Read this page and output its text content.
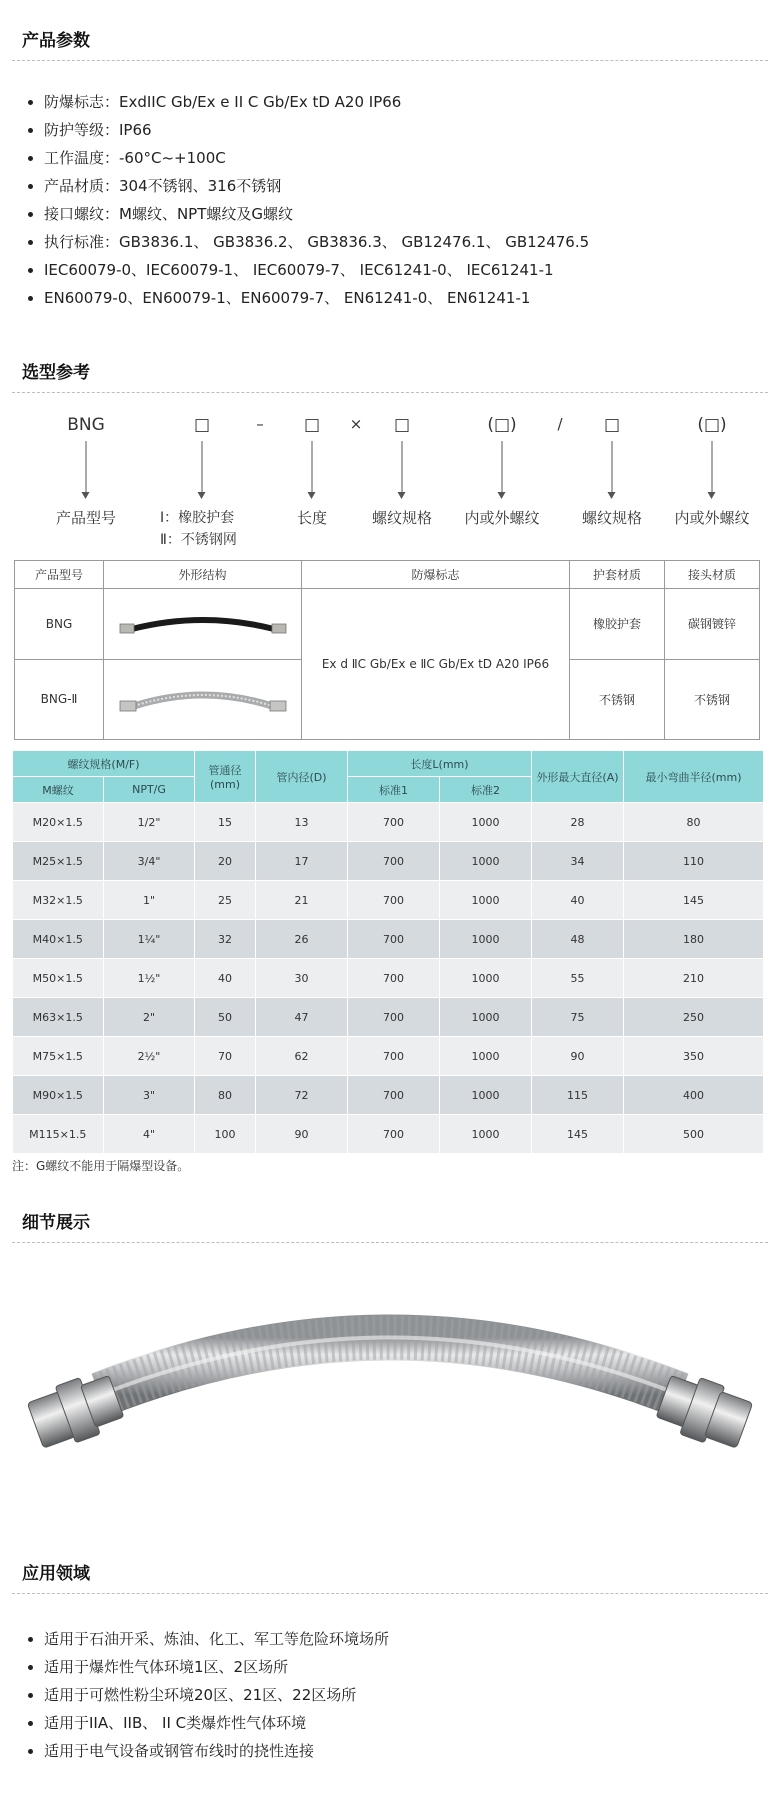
产品参数
• 防爆标志：ExdIIC Gb/Ex e II C Gb/Ex tD A20 IP66
• 防护等级：IP66
• 工作温度：-60°C~+100C
• 产品材质：304不锈钢、316不锈钢
• 接口螺纹：M螺纹、NPT螺纹及G螺纹
• 执行标准：GB3836.1、 GB3836.2、 GB3836.3、 GB12476.1、 GB12476.5
• IEC60079-0、IEC60079-1、 IEC60079-7、 IEC61241-0、 IEC61241-1
• EN60079-0、EN60079-1、EN60079-7、 EN61241-0、 EN61241-1
选型参考
BNG	□	– □ × □	(□)	/ □	(□)
产品型号	Ⅰ：橡胶护套
Ⅱ：不锈钢网
长度	螺纹规格 内或外螺纹	螺纹规格 内或外螺纹
产品型号	外形结构	防爆标志	护套材质	接头材质
BNG		Ex d ⅡC Gb/Ex e ⅡC Gb/Ex tD A20 IP66	橡胶护套	碳钢镀锌
BNG-Ⅱ			不锈钢	不锈钢
螺纹规格(M/F)		管通径(mm)	管内径(D)	长度L(mm)		外形最大直径(A)	最小弯曲半径(mm)
M螺纹	NPT/G			标准1	标准2		
M20×1.5	1/2"	15	13	700	1000	28	80
M25×1.5	3/4"	20	17	700	1000	34	110
M32×1.5	1"	25	21	700	1000	40	145
M40×1.5	1¼"	32	26	700	1000	48	180
M50×1.5	1½"	40	30	700	1000	55	210
M63×1.5	2"	50	47	700	1000	75	250
M75×1.5	2½"	70	62	700	1000	90	350
M90×1.5	3"	80	72	700	1000	115	400
M115×1.5	4"	100	90	700	1000	145	500
注：G螺纹不能用于隔爆型设备。
细节展示
应用领域
• 适用于石油开采、炼油、化工、军工等危险环境场所
• 适用于爆炸性气体环境1区、2区场所
• 适用于可燃性粉尘环境20区、21区、22区场所
• 适用于IIA、IIB、 II C类爆炸性气体环境
• 适用于电气设备或钢管布线时的挠性连接
